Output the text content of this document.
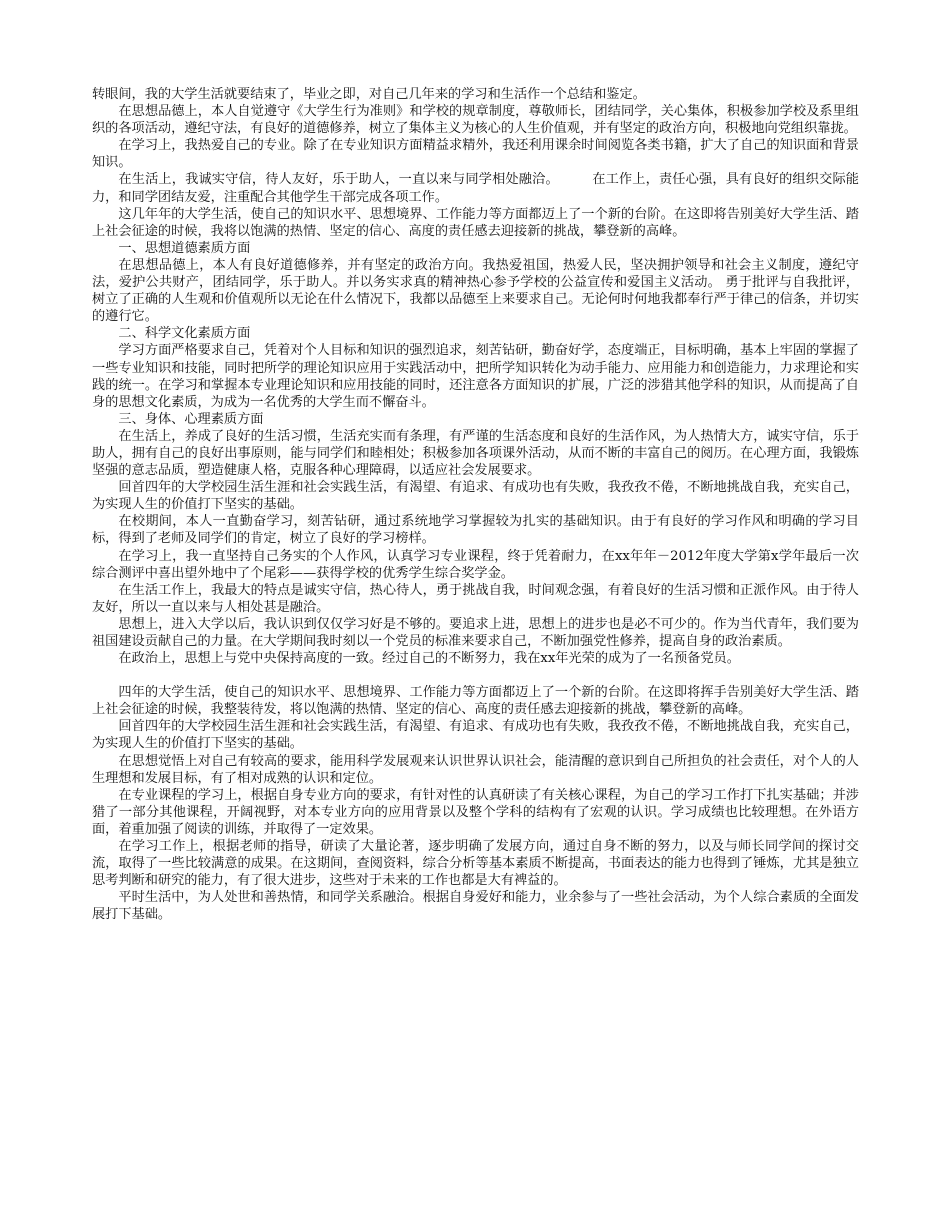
转眼间，我的大学生活就要结束了，毕业之即，对自己几年来的学习和生活作一个总结和鉴定。

在思想品德上，本人自觉遵守《大学生行为准则》和学校的规章制度，尊敬师长，团结同学，关心集体，积极参加学校及系里组织的各项活动，遵纪守法，有良好的道德修养，树立了集体主义为核心的人生价值观，并有坚定的政治方向，积极地向党组织靠拢。

在学习上，我热爱自己的专业。除了在专业知识方面精益求精外，我还利用课余时间阅览各类书籍，扩大了自己的知识面和背景知识。

在生活上，我诚实守信，待人友好，乐于助人，一直以来与同学相处融洽。　　　在工作上，责任心强，具有良好的组织交际能力，和同学团结友爱，注重配合其他学生干部完成各项工作。

这几年年的大学生活，使自己的知识水平、思想境界、工作能力等方面都迈上了一个新的台阶。在这即将告别美好大学生活、踏上社会征途的时候，我将以饱满的热情、坚定的信心、高度的责任感去迎接新的挑战，攀登新的高峰。

一、思想道德素质方面

在思想品德上，本人有良好道德修养，并有坚定的政治方向。我热爱祖国，热爱人民，坚决拥护领导和社会主义制度，遵纪守法，爱护公共财产，团结同学，乐于助人。并以务实求真的精神热心参予学校的公益宣传和爱国主义活动。 勇于批评与自我批评，树立了正确的人生观和价值观所以无论在什么情况下，我都以品德至上来要求自己。无论何时何地我都奉行严于律己的信条，并切实的遵行它。

二、科学文化素质方面

学习方面严格要求自己，凭着对个人目标和知识的强烈追求，刻苦钻研，勤奋好学，态度端正，目标明确，基本上牢固的掌握了一些专业知识和技能，同时把所学的理论知识应用于实践活动中，把所学知识转化为动手能力、应用能力和创造能力，力求理论和实践的统一。在学习和掌握本专业理论知识和应用技能的同时，还注意各方面知识的扩展，广泛的涉猎其他学科的知识，从而提高了自身的思想文化素质，为成为一名优秀的大学生而不懈奋斗。

三、身体、心理素质方面

在生活上，养成了良好的生活习惯，生活充实而有条理，有严谨的生活态度和良好的生活作风，为人热情大方，诚实守信，乐于助人，拥有自己的良好出事原则，能与同学们和睦相处；积极参加各项课外活动，从而不断的丰富自己的阅历。在心理方面，我锻炼坚强的意志品质，塑造健康人格，克服各种心理障碍，以适应社会发展要求。

回首四年的大学校园生活生涯和社会实践生活，有渴望、有追求、有成功也有失败，我孜孜不倦，不断地挑战自我，充实自己，为实现人生的价值打下坚实的基础。

在校期间，本人一直勤奋学习，刻苦钻研，通过系统地学习掌握较为扎实的基础知识。由于有良好的学习作风和明确的学习目标，得到了老师及同学们的肯定，树立了良好的学习榜样。

在学习上，我一直坚持自己务实的个人作风，认真学习专业课程，终于凭着耐力，在xx年年－2012年度大学第x学年最后一次综合测评中喜出望外地中了个尾彩——获得学校的优秀学生综合奖学金。

在生活工作上，我最大的特点是诚实守信，热心待人，勇于挑战自我，时间观念强，有着良好的生活习惯和正派作风。由于待人友好，所以一直以来与人相处甚是融洽。

思想上，进入大学以后，我认识到仅仅学习好是不够的。要追求上进，思想上的进步也是必不可少的。作为当代青年，我们要为祖国建设贡献自己的力量。在大学期间我时刻以一个党员的标准来要求自己，不断加强党性修养，提高自身的政治素质。

在政治上，思想上与党中央保持高度的一致。经过自己的不断努力，我在xx年光荣的成为了一名预备党员。

四年的大学生活，使自己的知识水平、思想境界、工作能力等方面都迈上了一个新的台阶。在这即将挥手告别美好大学生活、踏上社会征途的时候，我整装待发，将以饱满的热情、坚定的信心、高度的责任感去迎接新的挑战，攀登新的高峰。

回首四年的大学校园生活生涯和社会实践生活，有渴望、有追求、有成功也有失败，我孜孜不倦，不断地挑战自我，充实自己，为实现人生的价值打下坚实的基础。

在思想觉悟上对自己有较高的要求，能用科学发展观来认识世界认识社会，能清醒的意识到自己所担负的社会责任，对个人的人生理想和发展目标，有了相对成熟的认识和定位。

在专业课程的学习上，根据自身专业方向的要求，有针对性的认真研读了有关核心课程，为自己的学习工作打下扎实基础；并涉猎了一部分其他课程，开阔视野，对本专业方向的应用背景以及整个学科的结构有了宏观的认识。学习成绩也比较理想。在外语方面，着重加强了阅读的训练，并取得了一定效果。

在学习工作上，根据老师的指导，研读了大量论著，逐步明确了发展方向，通过自身不断的努力，以及与师长同学间的探讨交流，取得了一些比较满意的成果。在这期间，查阅资料，综合分析等基本素质不断提高，书面表达的能力也得到了锤炼，尤其是独立思考判断和研究的能力，有了很大进步，这些对于未来的工作也都是大有裨益的。

平时生活中，为人处世和善热情，和同学关系融洽。根据自身爱好和能力，业余参与了一些社会活动，为个人综合素质的全面发展打下基础。
